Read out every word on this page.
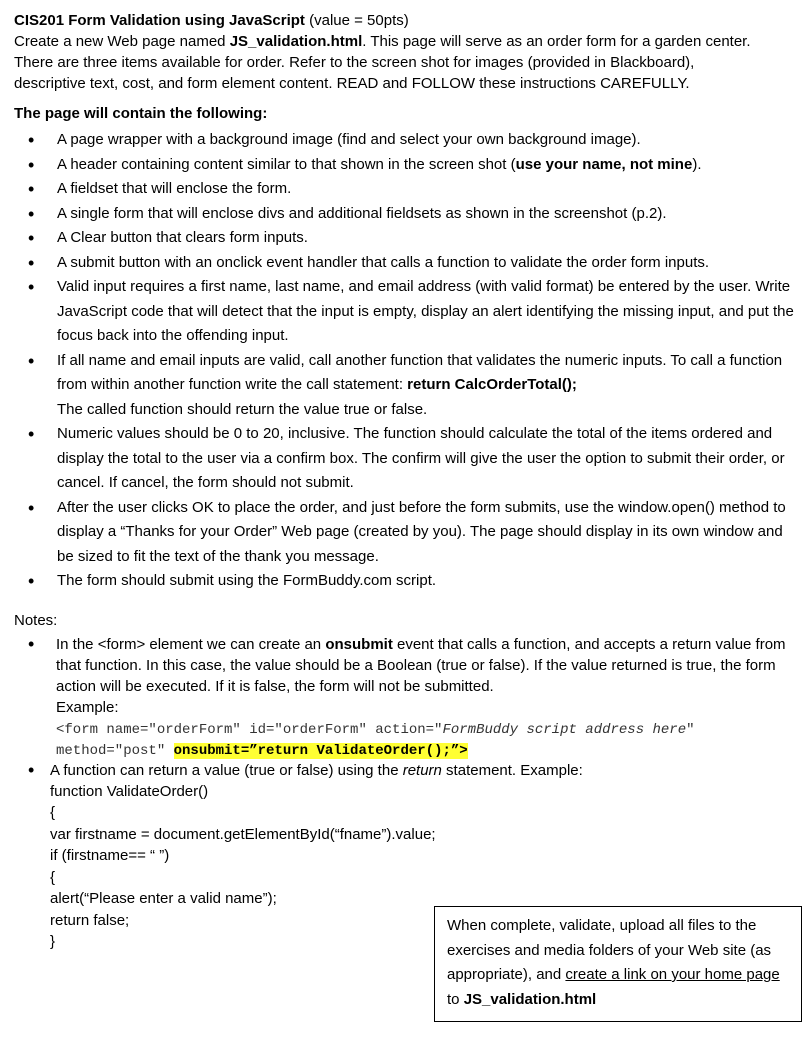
CIS201 Form Validation using JavaScript (value = 50pts)

Create a new Web page named JS_validation.html. This page will serve as an order form for a garden center. There are three items available for order. Refer to the screen shot for images (provided in Blackboard), descriptive text, cost, and form element content. READ and FOLLOW these instructions CAREFULLY.

The page will contain the following:

• A page wrapper with a background image (find and select your own background image).
• A header containing content similar to that shown in the screen shot (use your name, not mine).
• A fieldset that will enclose the form.
• A single form that will enclose divs and additional fieldsets as shown in the screenshot (p.2).
• A Clear button that clears form inputs.
• A submit button with an onclick event handler that calls a function to validate the order form inputs.
• Valid input requires a first name, last name, and email address (with valid format) be entered by the user. Write JavaScript code that will detect that the input is empty, display an alert identifying the missing input, and put the focus back into the offending input.
• If all name and email inputs are valid, call another function that validates the numeric inputs. To call a function from within another function write the call statement: return CalcOrderTotal();
The called function should return the value true or false.
• Numeric values should be 0 to 20, inclusive. The function should calculate the total of the items ordered and display the total to the user via a confirm box. The confirm will give the user the option to submit their order, or cancel. If cancel, the form should not submit.
• After the user clicks OK to place the order, and just before the form submits, use the window.open() method to display a “Thanks for your Order” Web page (created by you). The page should display in its own window and be sized to fit the text of the thank you message.
• The form should submit using the FormBuddy.com script.

Notes:

• In the <form> element we can create an onsubmit event that calls a function, and accepts a return value from that function. In this case, the value should be a Boolean (true or false). If the value returned is true, the form action will be executed. If it is false, the form will not be submitted.
Example:
<form name="orderForm" id="orderForm" action="FormBuddy script address here"
method="post" onsubmit=”return ValidateOrder();”>
• A function can return a value (true or false) using the return statement. Example:
function ValidateOrder()
{
var firstname = document.getElementById(“fname”).value;
if (firstname== “ ”)
{
alert(“Please enter a valid name”);
return false;
}
When complete, validate, upload all files to the exercises and media folders of your Web site (as appropriate), and create a link on your home page to JS_validation.html
